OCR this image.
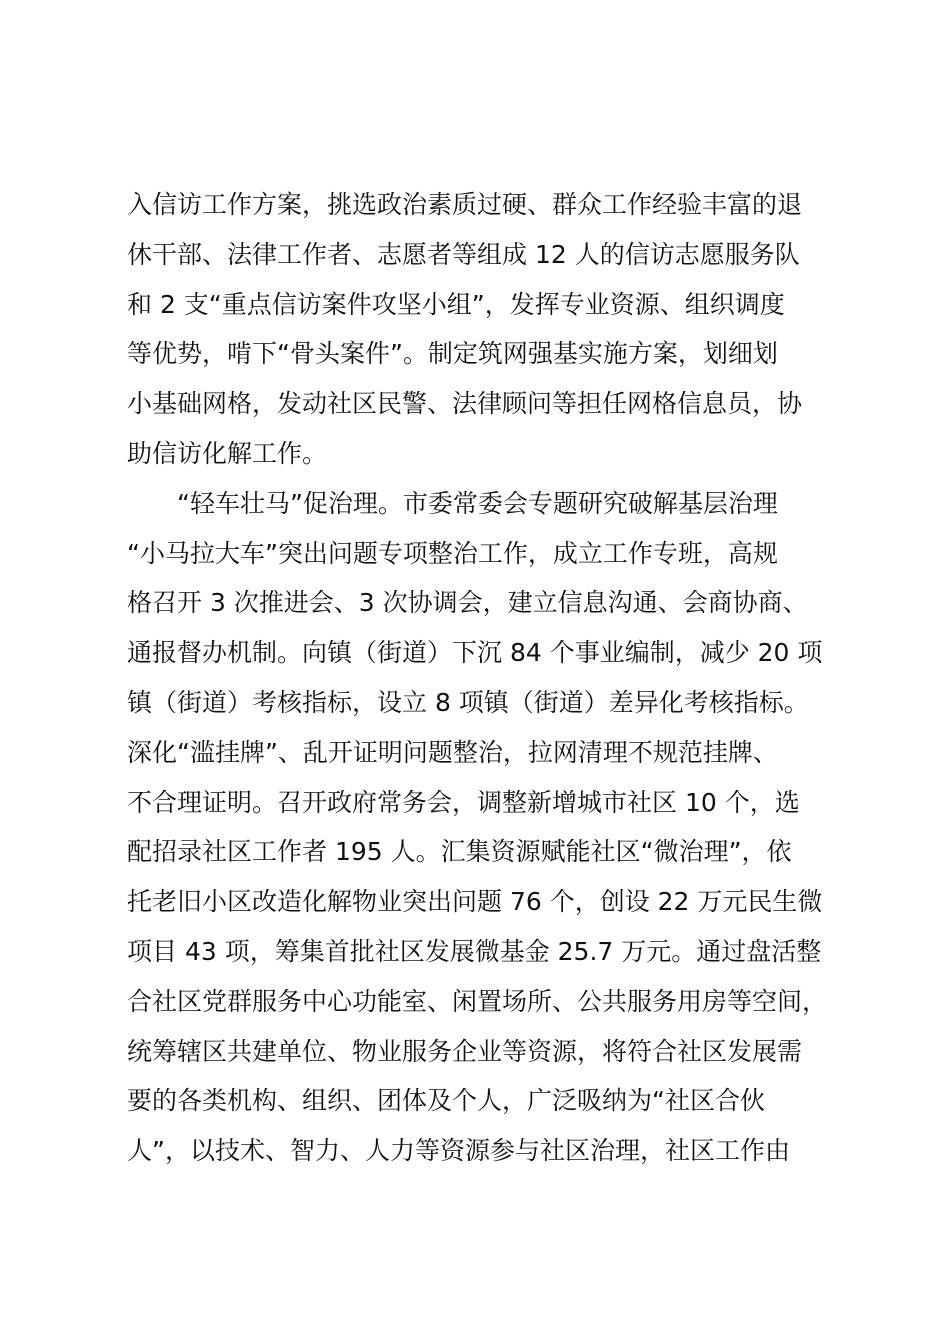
入信访工作方案，挑选政治素质过硬、群众工作经验丰富的退
休干部、法律工作者、志愿者等组成 12 人的信访志愿服务队
和 2 支“重点信访案件攻坚小组”，发挥专业资源、组织调度
等优势，啃下“骨头案件”。制定筑网强基实施方案，划细划
小基础网格，发动社区民警、法律顾问等担任网格信息员，协
助信访化解工作。
　　“轻车壮马”促治理。市委常委会专题研究破解基层治理
“小马拉大车”突出问题专项整治工作，成立工作专班，高规
格召开 3 次推进会、3 次协调会，建立信息沟通、会商协商、
通报督办机制。向镇（街道）下沉 84 个事业编制，减少 20 项
镇（街道）考核指标，设立 8 项镇（街道）差异化考核指标。
深化“滥挂牌”、乱开证明问题整治，拉网清理不规范挂牌、
不合理证明。召开政府常务会，调整新增城市社区 10 个，选
配招录社区工作者 195 人。汇集资源赋能社区“微治理”，依
托老旧小区改造化解物业突出问题 76 个，创设 22 万元民生微
项目 43 项，筹集首批社区发展微基金 25.7 万元。通过盘活整
合社区党群服务中心功能室、闲置场所、公共服务用房等空间，
统筹辖区共建单位、物业服务企业等资源，将符合社区发展需
要的各类机构、组织、团体及个人，广泛吸纳为“社区合伙
人”，以技术、智力、人力等资源参与社区治理，社区工作由
